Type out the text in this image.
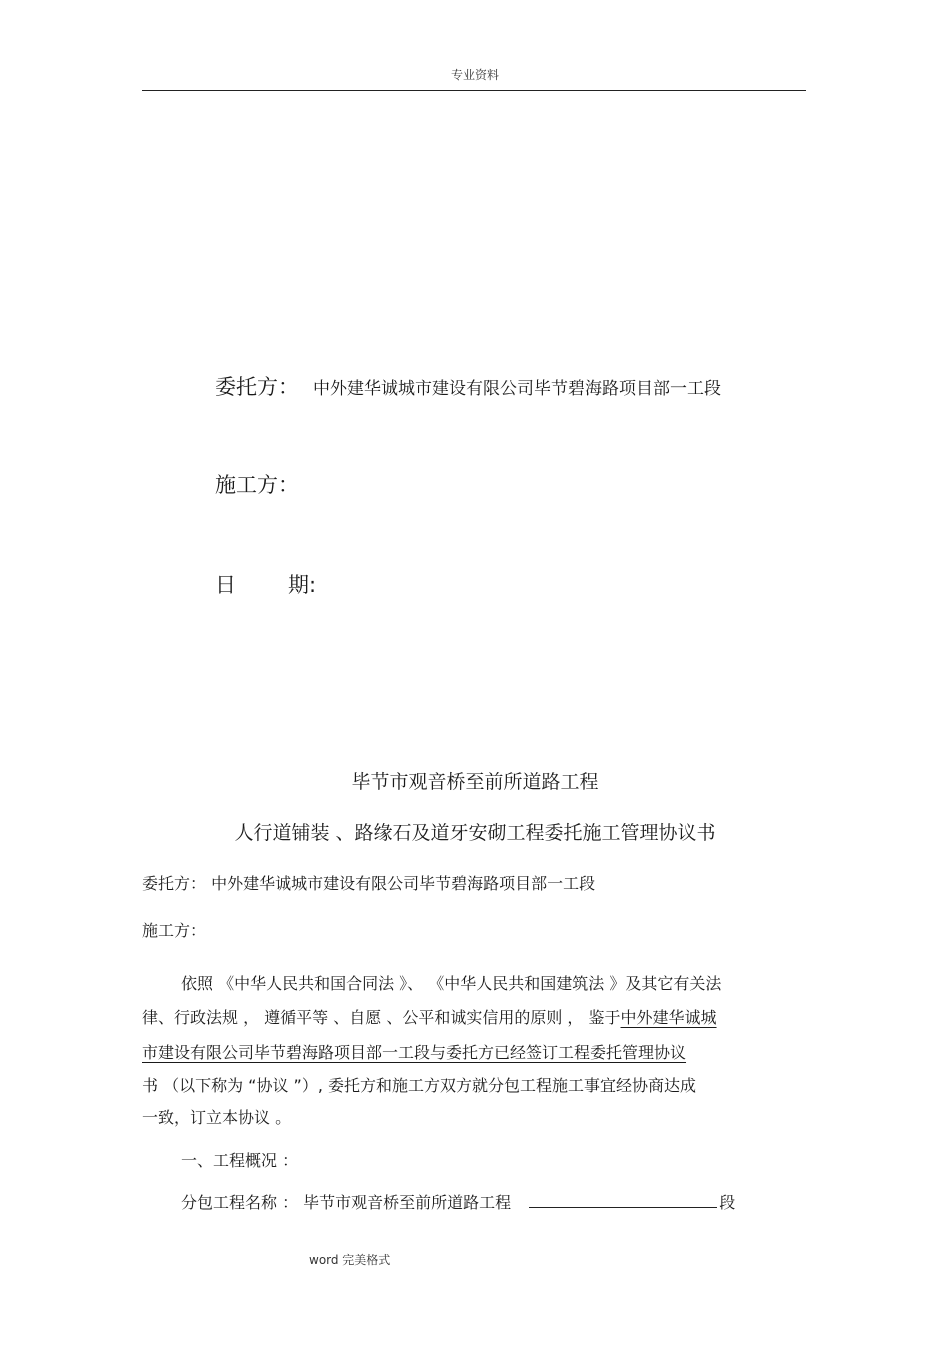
专业资料
委托方： 中外建华诚城市建设有限公司毕节碧海路项目部一工段
施工方：
日 期:
毕节市观音桥至前所道路工程
人行道铺装 、路缘石及道牙安砌工程委托施工管理协议书
委托方： 中外建华诚城市建设有限公司毕节碧海路项目部一工段
施工方：
依照 《中华人民共和国合同法 》、 《中华人民共和国建筑法 》及其它有关法
律、行政法规 ， 遵循平等 、自愿 、公平和诚实信用的原则 ， 鉴于中外建华诚城
市建设有限公司毕节碧海路项目部一工段与委托方已经签订工程委托管理协议
书 （以下称为 “协议 ”）, 委托方和施工方双方就分包工程施工事宜经协商达成
一致，订立本协议 。
一、工程概况 ：
分包工程名称 ： 毕节市观音桥至前所道路工程	段
word 完美格式
